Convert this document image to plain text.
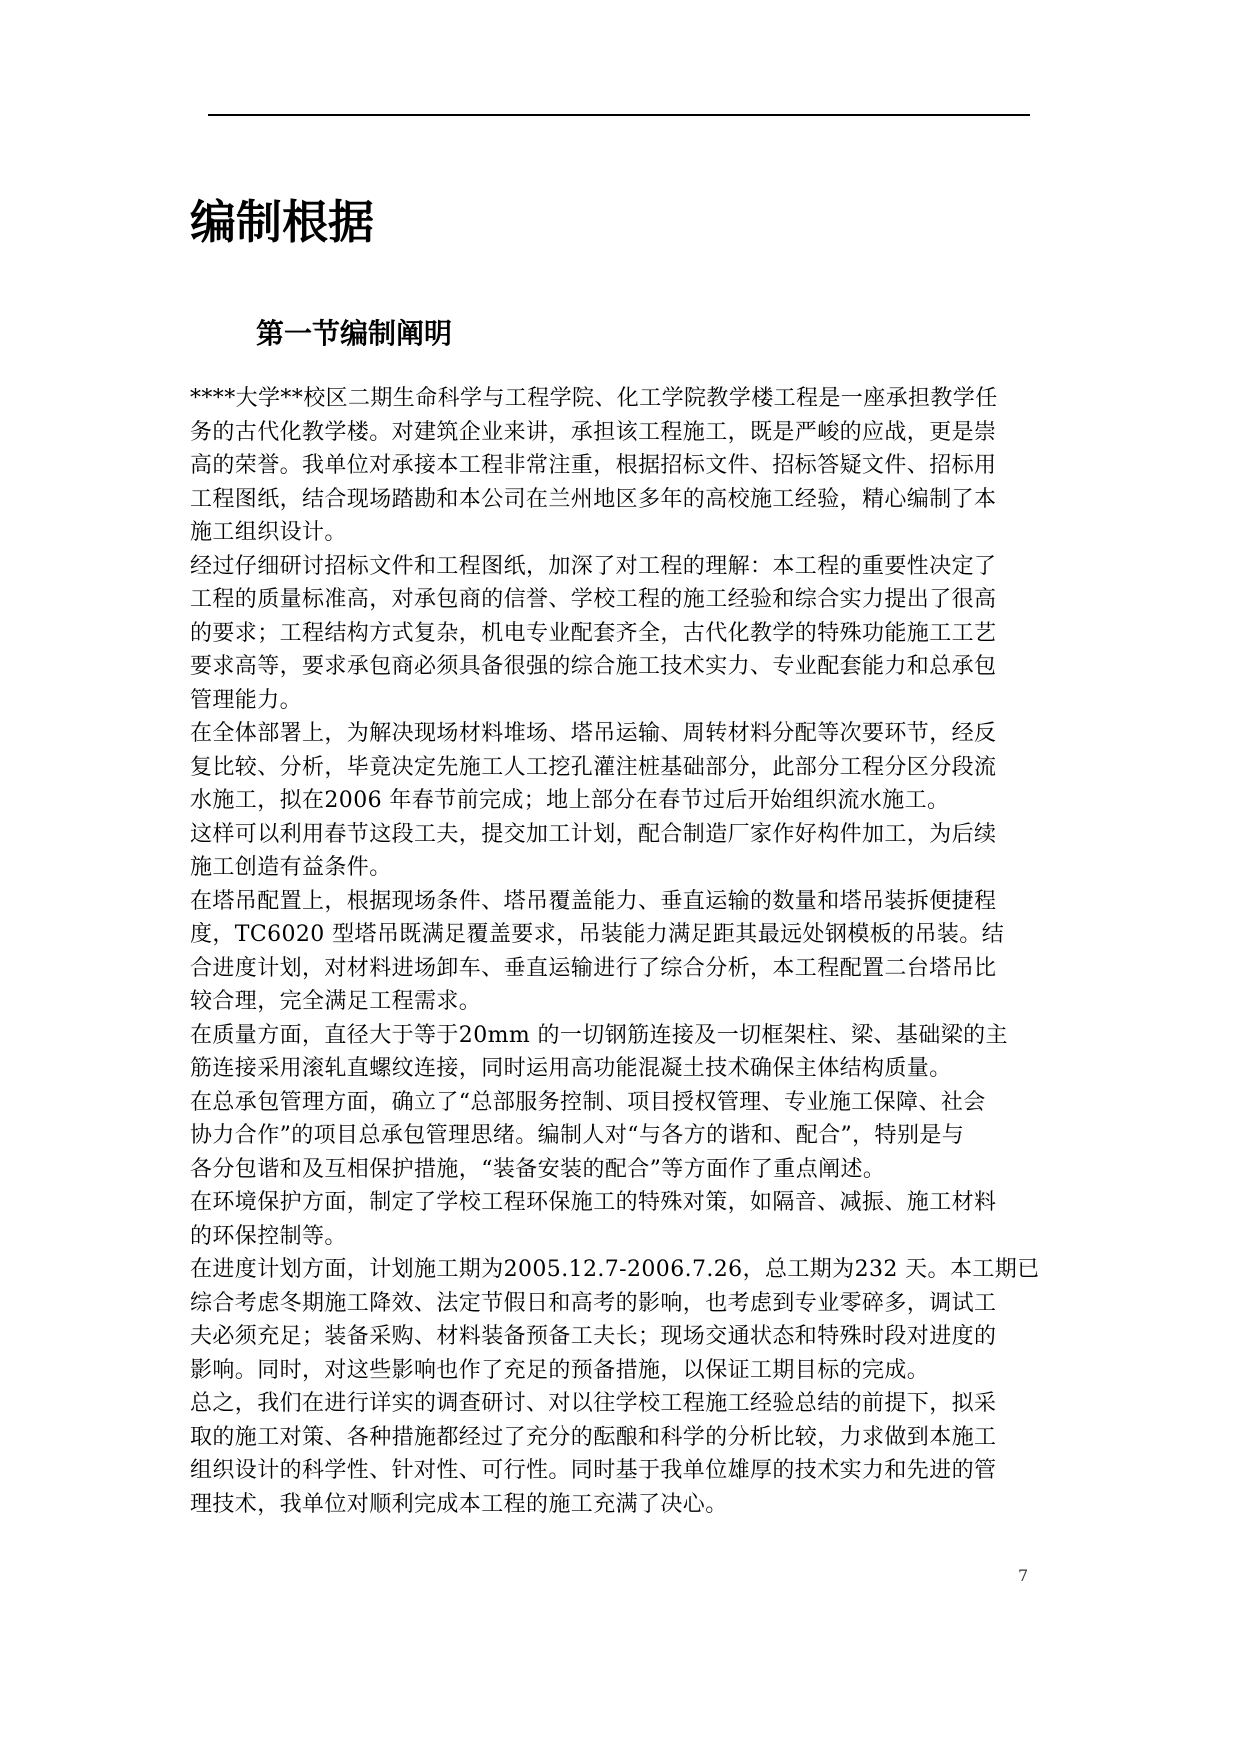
编制根据
第一节编制阐明
****大学**校区二期生命科学与工程学院、化工学院教学楼工程是一座承担教学任
务的古代化教学楼。对建筑企业来讲，承担该工程施工，既是严峻的应战，更是崇
高的荣誉。我单位对承接本工程非常注重，根据招标文件、招标答疑文件、招标用
工程图纸，结合现场踏勘和本公司在兰州地区多年的高校施工经验，精心编制了本
施工组织设计。
经过仔细研讨招标文件和工程图纸，加深了对工程的理解：本工程的重要性决定了
工程的质量标准高，对承包商的信誉、学校工程的施工经验和综合实力提出了很高
的要求；工程结构方式复杂，机电专业配套齐全，古代化教学的特殊功能施工工艺
要求高等，要求承包商必须具备很强的综合施工技术实力、专业配套能力和总承包
管理能力。
在全体部署上，为解决现场材料堆场、塔吊运输、周转材料分配等次要环节，经反
复比较、分析，毕竟决定先施工人工挖孔灌注桩基础部分，此部分工程分区分段流
水施工，拟在2006 年春节前完成；地上部分在春节过后开始组织流水施工。
这样可以利用春节这段工夫，提交加工计划，配合制造厂家作好构件加工，为后续
施工创造有益条件。
在塔吊配置上，根据现场条件、塔吊覆盖能力、垂直运输的数量和塔吊装拆便捷程
度，TC6020 型塔吊既满足覆盖要求，吊装能力满足距其最远处钢模板的吊装。结
合进度计划，对材料进场卸车、垂直运输进行了综合分析，本工程配置二台塔吊比
较合理，完全满足工程需求。
在质量方面，直径大于等于20mm 的一切钢筋连接及一切框架柱、梁、基础梁的主
筋连接采用滚轧直螺纹连接，同时运用高功能混凝土技术确保主体结构质量。
在总承包管理方面，确立了“总部服务控制、项目授权管理、专业施工保障、社会
协力合作”的项目总承包管理思绪。编制人对“与各方的谐和、配合”，特别是与
各分包谐和及互相保护措施，“装备安装的配合”等方面作了重点阐述。
在环境保护方面，制定了学校工程环保施工的特殊对策，如隔音、减振、施工材料
的环保控制等。
在进度计划方面，计划施工期为2005.12.7-2006.7.26，总工期为232 天。本工期已
综合考虑冬期施工降效、法定节假日和高考的影响，也考虑到专业零碎多，调试工
夫必须充足；装备采购、材料装备预备工夫长；现场交通状态和特殊时段对进度的
影响。同时，对这些影响也作了充足的预备措施，以保证工期目标的完成。
总之，我们在进行详实的调查研讨、对以往学校工程施工经验总结的前提下，拟采
取的施工对策、各种措施都经过了充分的酝酿和科学的分析比较，力求做到本施工
组织设计的科学性、针对性、可行性。同时基于我单位雄厚的技术实力和先进的管
理技术，我单位对顺利完成本工程的施工充满了决心。
7
